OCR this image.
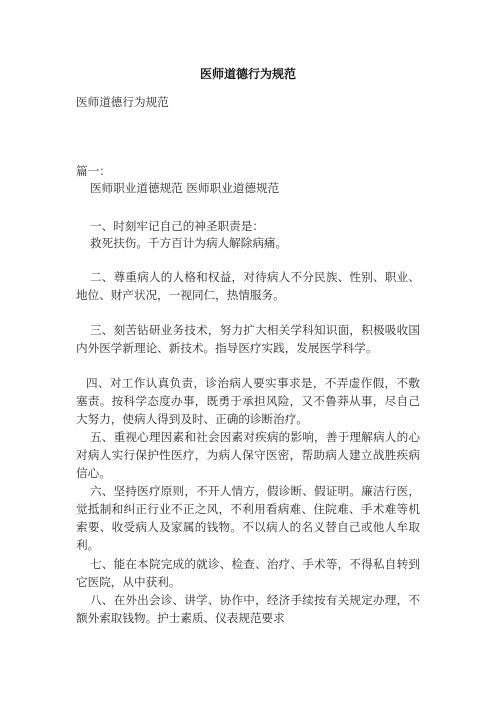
医师道德行为规范
医师道德行为规范
篇一：
医师职业道德规范 医师职业道德规范
一、时刻牢记自己的神圣职责是：
救死扶伤。千方百计为病人解除病痛。
二、尊重病人的人格和权益，对待病人不分民族、性别、职业、
地位、财产状况，一视同仁，热情服务。
三、刻苦钻研业务技术，努力扩大相关学科知识面，积极吸收国
内外医学新理论、新技术。指导医疗实践，发展医学科学。
四、对工作认真负责，诊治病人要实事求是，不弄虚作假，不敷
塞责。按科学态度办事，既勇于承担风险，又不鲁莽从事，尽自己
大努力，使病人得到及时、正确的诊断治疗。
五、重视心理因素和社会因素对疾病的影响，善于理解病人的心
对病人实行保护性医疗，为病人保守医密，帮助病人建立战胜疾病
信心。
六、坚持医疗原则，不开人情方，假诊断、假证明。廉洁行医，
觉抵制和纠正行业不正之风，不利用看病难、住院难、手术难等机
索要、收受病人及家属的钱物。不以病人的名义替自己或他人牟取
利。
七、能在本院完成的就诊、检查、治疗、手术等，不得私自转到
它医院，从中获利。
八、在外出会诊、讲学、协作中，经济手续按有关规定办理，不
额外索取钱物。护士素质、仪表规范要求
